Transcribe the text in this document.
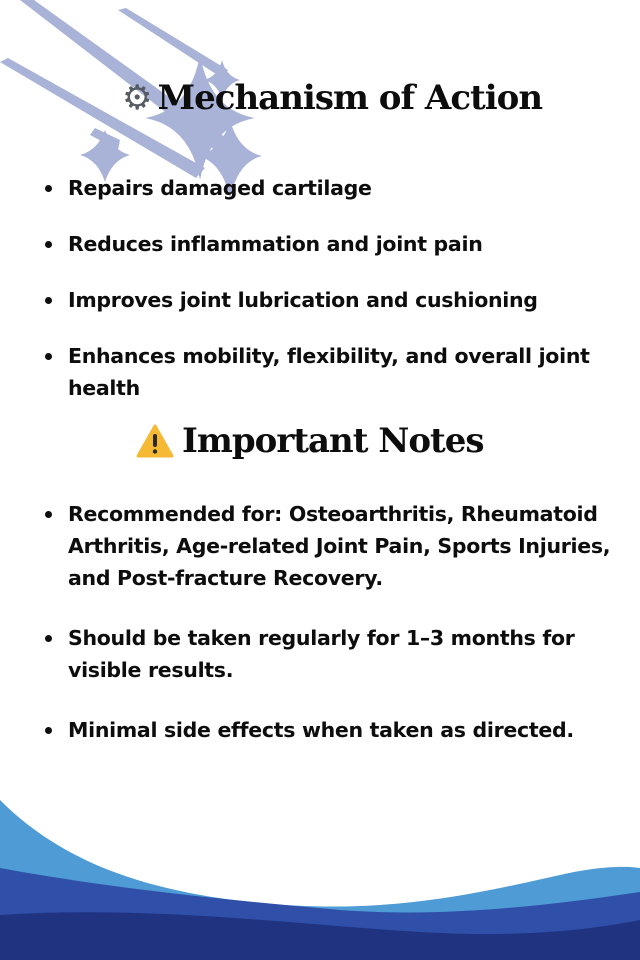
⚙ Mechanism of Action
Repairs damaged cartilage
Reduces inflammation and joint pain
Improves joint lubrication and cushioning
Enhances mobility, flexibility, and overall joint health
Important Notes
Recommended for: Osteoarthritis, Rheumatoid Arthritis, Age-related Joint Pain, Sports Injuries, and Post-fracture Recovery.
Should be taken regularly for 1–3 months for visible results.
Minimal side effects when taken as directed.
